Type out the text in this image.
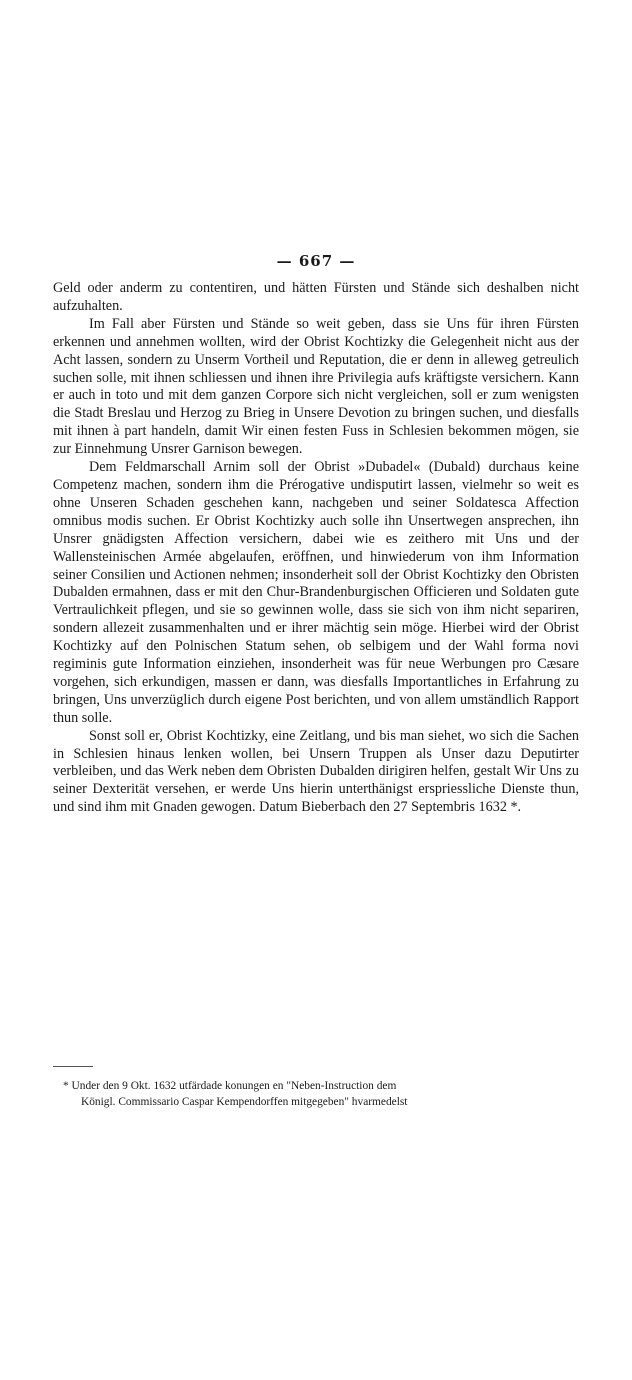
— 667 —

Geld oder anderm zu contentiren, und hätten Fürsten und Stände sich deshalben nicht aufzuhalten.

Im Fall aber Fürsten und Stände so weit geben, dass sie Uns für ihren Fürsten erkennen und annehmen wollten, wird der Obrist Kochtizky die Gelegenheit nicht aus der Acht lassen, sondern zu Unserm Vortheil und Reputation, die er denn in alleweg getreulich suchen solle, mit ihnen schliessen und ihnen ihre Privilegia aufs kräftigste versichern. Kann er auch in toto und mit dem ganzen Corpore sich nicht vergleichen, soll er zum wenigsten die Stadt Breslau und Herzog zu Brieg in Unsere Devotion zu bringen suchen, und diesfalls mit ihnen à part handeln, damit Wir einen festen Fuss in Schlesien bekommen mögen, sie zur Einnehmung Unsrer Garnison bewegen.

Dem Feldmarschall Arnim soll der Obrist »Dubadel« (Dubald) durchaus keine Competenz machen, sondern ihm die Prérogative undisputirt lassen, vielmehr so weit es ohne Unseren Schaden geschehen kann, nachgeben und seiner Soldatesca Affection omnibus modis suchen. Er Obrist Kochtizky auch solle ihn Unsertwegen ansprechen, ihn Unsrer gnädigsten Affection versichern, dabei wie es zeithero mit Uns und der Wallensteinischen Armée abgelaufen, eröffnen, und hinwiederum von ihm Information seiner Consilien und Actionen nehmen; insonderheit soll der Obrist Kochtizky den Obristen Dubalden ermahnen, dass er mit den Chur-Brandenburgischen Officieren und Soldaten gute Vertraulichkeit pflegen, und sie so gewinnen wolle, dass sie sich von ihm nicht separiren, sondern allezeit zusammenhalten und er ihrer mächtig sein möge. Hierbei wird der Obrist Kochtizky auf den Polnischen Statum sehen, ob selbigem und der Wahl forma novi regiminis gute Information einziehen, insonderheit was für neue Werbungen pro Cæsare vorgehen, sich erkundigen, massen er dann, was diesfalls Importantliches in Erfahrung zu bringen, Uns unverzüglich durch eigene Post berichten, und von allem umständlich Rapport thun solle.

Sonst soll er, Obrist Kochtizky, eine Zeitlang, und bis man siehet, wo sich die Sachen in Schlesien hinaus lenken wollen, bei Unsern Truppen als Unser dazu Deputirter verbleiben, und das Werk neben dem Obristen Dubalden dirigiren helfen, gestalt Wir Uns zu seiner Dexterität versehen, er werde Uns hierin unterthänigst erspriessliche Dienste thun, und sind ihm mit Gnaden gewogen. Datum Bieberbach den 27 Septembris 1632 *.

* Under den 9 Okt. 1632 utfärdade konungen en "Neben-Instruction dem
Königl. Commissario Caspar Kempendorffen mitgegeben" hvarmedelst
